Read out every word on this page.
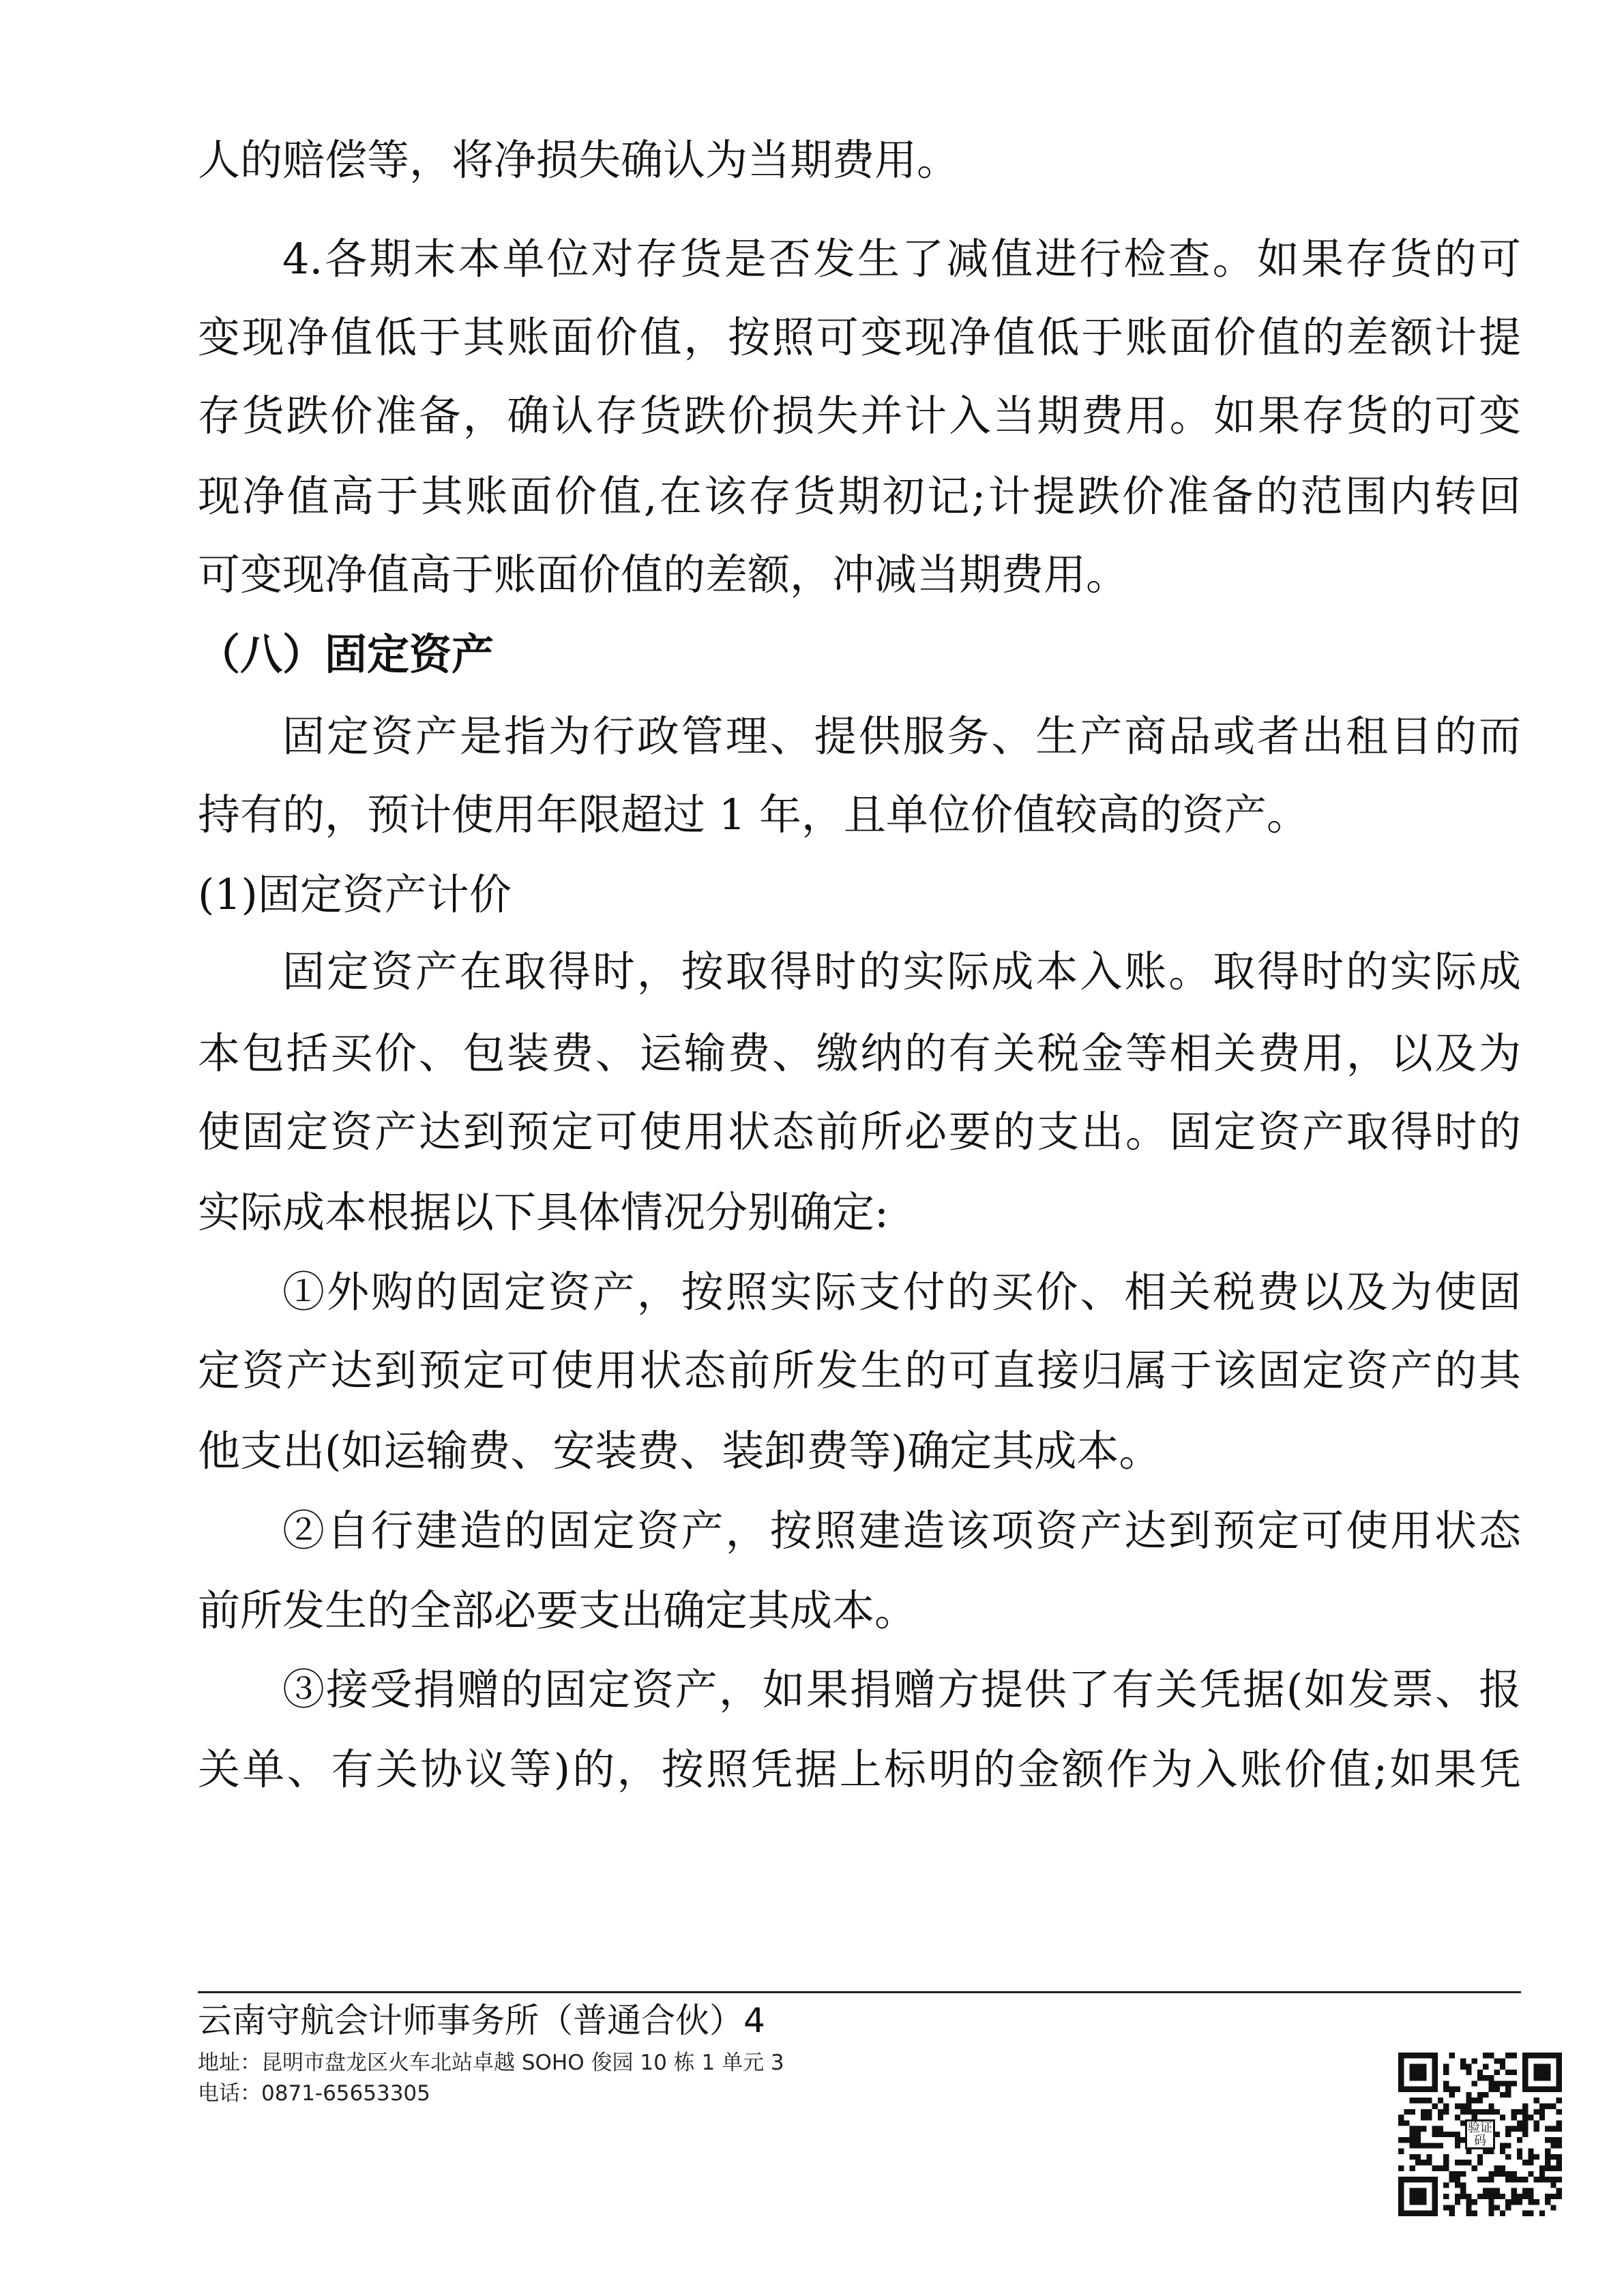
人的赔偿等，将净损失确认为当期费用。
4.各期末本单位对存货是否发生了减值进行检查。如果存货的可
变现净值低于其账面价值，按照可变现净值低于账面价值的差额计提
存货跌价准备，确认存货跌价损失并计入当期费用。如果存货的可变
现净值高于其账面价值,在该存货期初记;计提跌价准备的范围内转回
可变现净值高于账面价值的差额，冲减当期费用。
（八）固定资产
固定资产是指为行政管理、提供服务、生产商品或者出租目的而
持有的，预计使用年限超过 1 年，且单位价值较高的资产。
(1)固定资产计价
固定资产在取得时，按取得时的实际成本入账。取得时的实际成
本包括买价、包装费、运输费、缴纳的有关税金等相关费用，以及为
使固定资产达到预定可使用状态前所必要的支出。固定资产取得时的
实际成本根据以下具体情况分别确定:
①外购的固定资产，按照实际支付的买价、相关税费以及为使固
定资产达到预定可使用状态前所发生的可直接归属于该固定资产的其
他支出(如运输费、安装费、装卸费等)确定其成本。
②自行建造的固定资产，按照建造该项资产达到预定可使用状态
前所发生的全部必要支出确定其成本。
③接受捐赠的固定资产，如果捐赠方提供了有关凭据(如发票、报
关单、有关协议等)的，按照凭据上标明的金额作为入账价值;如果凭
云南守航会计师事务所（普通合伙）4
地址：昆明市盘龙区火车北站卓越 SOHO 俊园 10 栋 1 单元 3
电话：0871-65653305
验证码
